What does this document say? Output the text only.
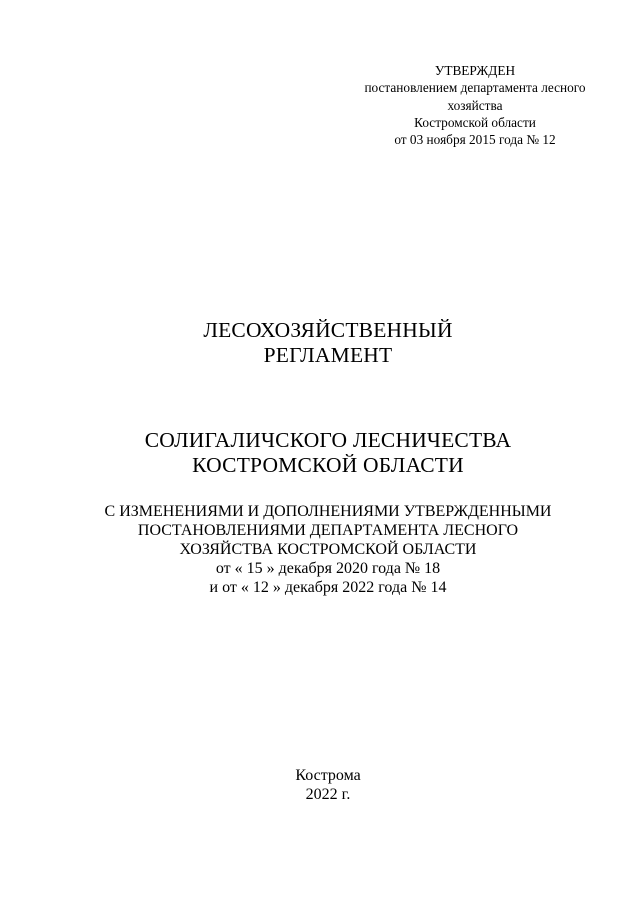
УТВЕРЖДЕН
постановлением департамента лесного
хозяйства
Костромской области
от 03 ноября 2015 года № 12
ЛЕСОХОЗЯЙСТВЕННЫЙ
РЕГЛАМЕНТ
СОЛИГАЛИЧСКОГО ЛЕСНИЧЕСТВА
КОСТРОМСКОЙ ОБЛАСТИ
С ИЗМЕНЕНИЯМИ И ДОПОЛНЕНИЯМИ УТВЕРЖДЕННЫМИ
ПОСТАНОВЛЕНИЯМИ ДЕПАРТАМЕНТА ЛЕСНОГО
ХОЗЯЙСТВА КОСТРОМСКОЙ ОБЛАСТИ
от « 15 » декабря 2020 года № 18
и от « 12 » декабря 2022 года № 14
Кострома
2022 г.
